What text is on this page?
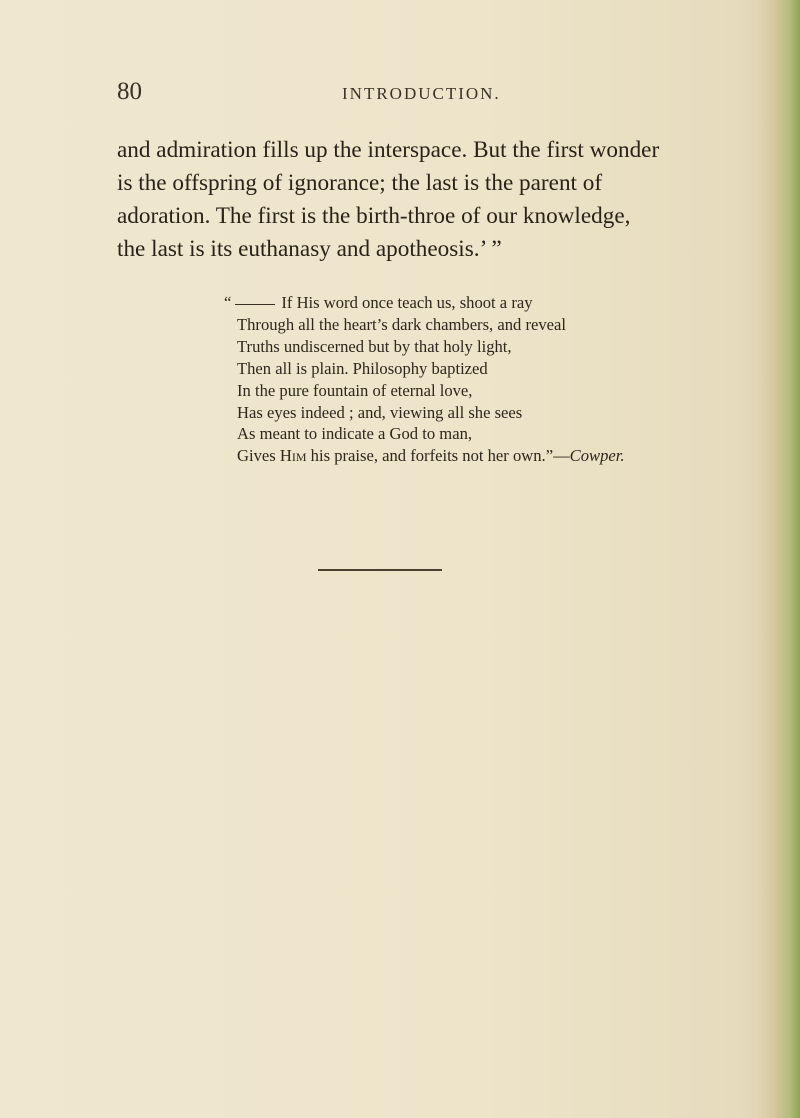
80	INTRODUCTION.
and admiration fills up the interspace. But the first wonder
is the offspring of ignorance; the last is the parent of
adoration. The first is the birth-throe of our knowledge,
the last is its euthanasy and apotheosis.’ ”
“	If His word once teach us, shoot a ray
Through all the heart’s dark chambers, and reveal
Truths undiscerned but by that holy light,
Then all is plain. Philosophy baptized
In the pure fountain of eternal love,
Has eyes indeed ; and, viewing all she sees
As meant to indicate a God to man,
Gives Him his praise, and forfeits not her own.”—Cowper.
